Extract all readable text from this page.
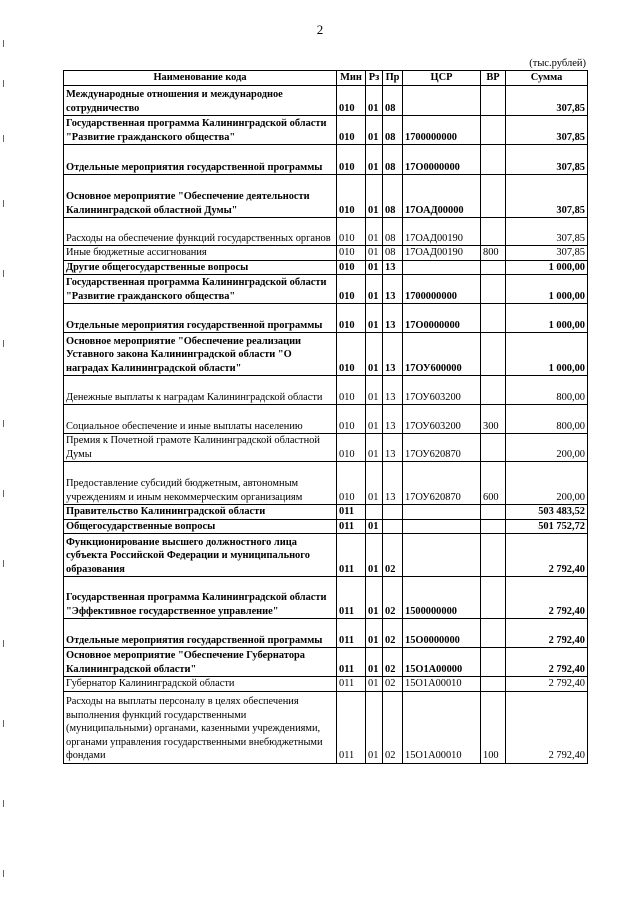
2
(тыс.рублей)
Наименование кода	Мин	Рз	Пр	ЦСР	ВР	Сумма
Международные отношения и международное сотрудничество	010	01	08			307,85
Государственная программа Калининградской области "Развитие гражданского общества"	010	01	08	1700000000		307,85
Отдельные мероприятия государственной программы	010	01	08	17О0000000		307,85
Основное мероприятие "Обеспечение деятельности Калининградской областной Думы"	010	01	08	17ОАД00000		307,85
Расходы на обеспечение функций государственных органов	010	01	08	17ОАД00190		307,85
Иные бюджетные ассигнования	010	01	08	17ОАД00190	800	307,85
Другие общегосударственные вопросы	010	01	13			1 000,00
Государственная программа Калининградской области "Развитие гражданского общества"	010	01	13	1700000000		1 000,00
Отдельные мероприятия государственной программы	010	01	13	17О0000000		1 000,00
Основное мероприятие "Обеспечение реализации Уставного закона Калининградской области "О наградах Калининградской области"	010	01	13	17ОУ600000		1 000,00
Денежные выплаты к наградам Калининградской области	010	01	13	17ОУ603200		800,00
Социальное обеспечение и иные выплаты населению	010	01	13	17ОУ603200	300	800,00
Премия к Почетной грамоте Калининградской областной Думы	010	01	13	17ОУ620870		200,00
Предоставление субсидий бюджетным, автономным учреждениям и иным некоммерческим организациям	010	01	13	17ОУ620870	600	200,00
Правительство Калининградской области	011					503 483,52
Общегосударственные вопросы	011	01				501 752,72
Функционирование высшего должностного лица субъекта Российской Федерации и муниципального образования	011	01	02			2 792,40
Государственная программа Калининградской области "Эффективное государственное управление"	011	01	02	1500000000		2 792,40
Отдельные мероприятия государственной программы	011	01	02	15О0000000		2 792,40
Основное мероприятие "Обеспечение Губернатора Калининградской области"	011	01	02	15О1А00000		2 792,40
Губернатор Калининградской области	011	01	02	15О1А00010		2 792,40
Расходы на выплаты персоналу в целях обеспечения выполнения функций государственными (муниципальными) органами, казенными учреждениями, органами управления государственными внебюджетными фондами	011	01	02	15О1А00010	100	2 792,40
